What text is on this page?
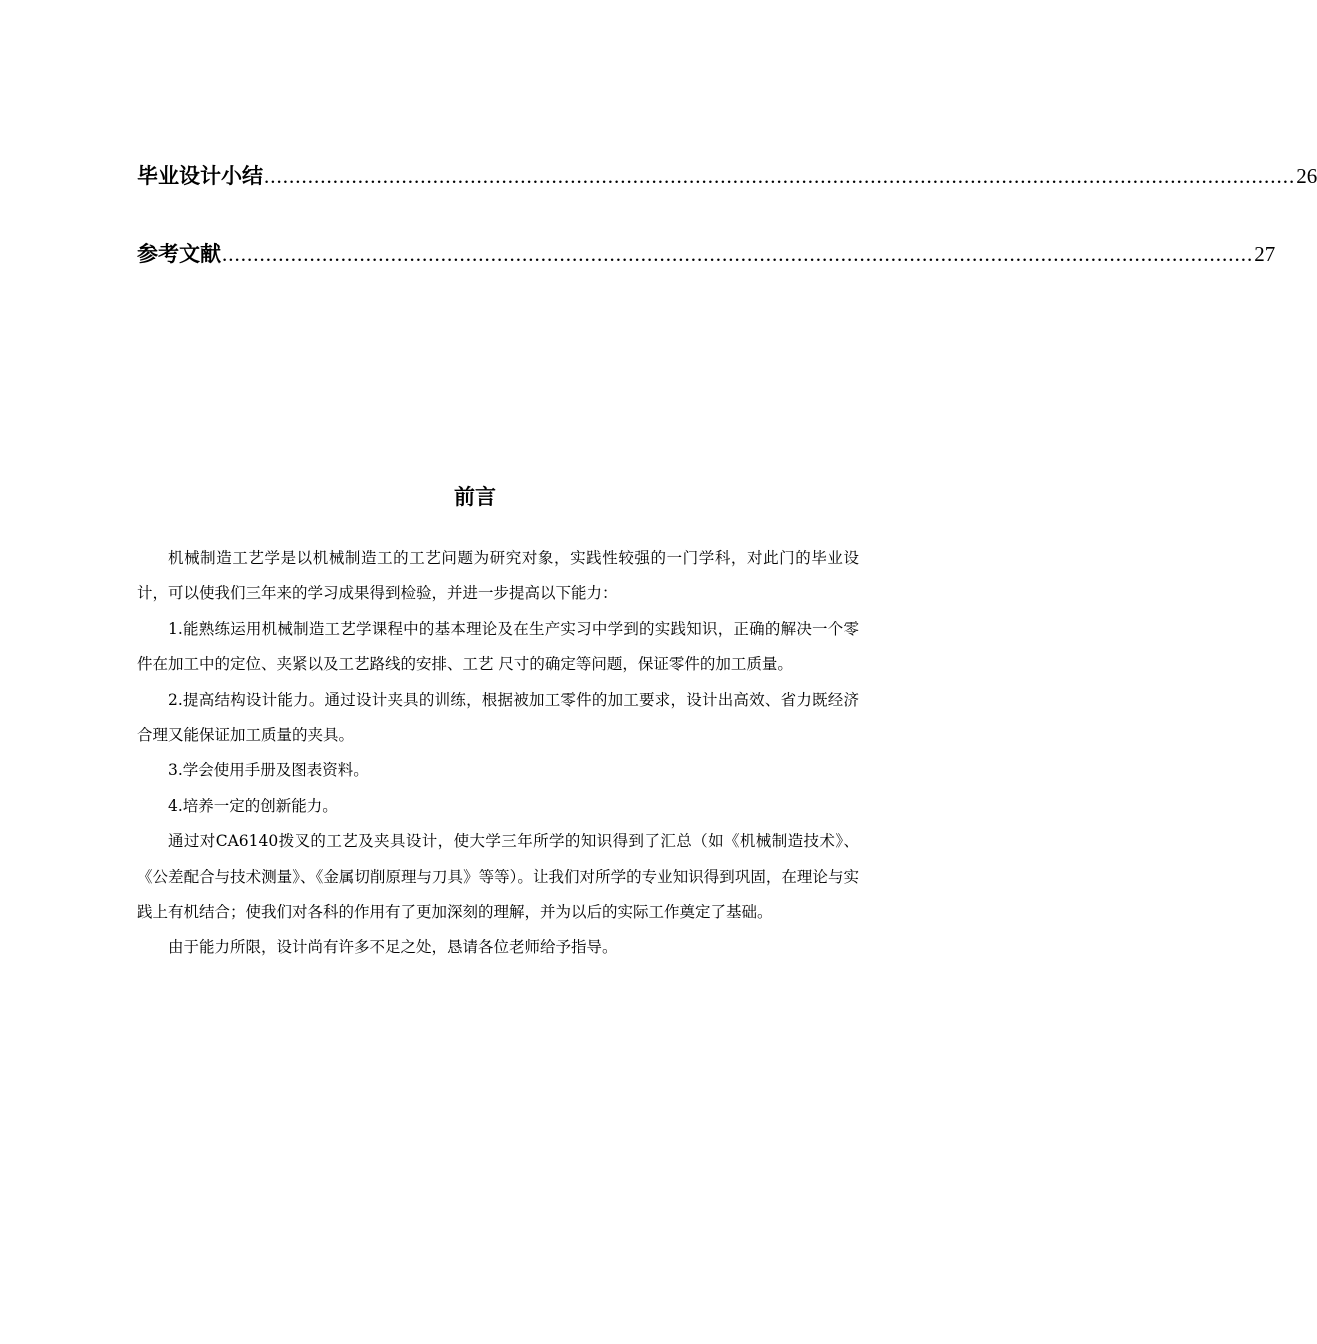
毕业设计小结 ..................................................................................................................................................................... 26
参考文献 ..................................................................................................................................................................... 27
前言

机械制造工艺学是以机械制造工的工艺问题为研究对象，实践性较强的一门学科，对此门的毕业设计，可以使我们三年来的学习成果得到检验，并进一步提高以下能力：

1.能熟练运用机械制造工艺学课程中的基本理论及在生产实习中学到的实践知识，正确的解决一个零件在加工中的定位、夹紧以及工艺路线的安排、工艺 尺寸的确定等问题，保证零件的加工质量。

2.提高结构设计能力。通过设计夹具的训练，根据被加工零件的加工要求，设计出高效、省力既经济合理又能保证加工质量的夹具。

3.学会使用手册及图表资料。

4.培养一定的创新能力。

通过对CA6140拨叉的工艺及夹具设计，使大学三年所学的知识得到了汇总（如《机械制造技术》、《公差配合与技术测量》、《金属切削原理与刀具》等等）。让我们对所学的专业知识得到巩固，在理论与实践上有机结合；使我们对各科的作用有了更加深刻的理解，并为以后的实际工作奠定了基础。

由于能力所限，设计尚有许多不足之处，恳请各位老师给予指导。
